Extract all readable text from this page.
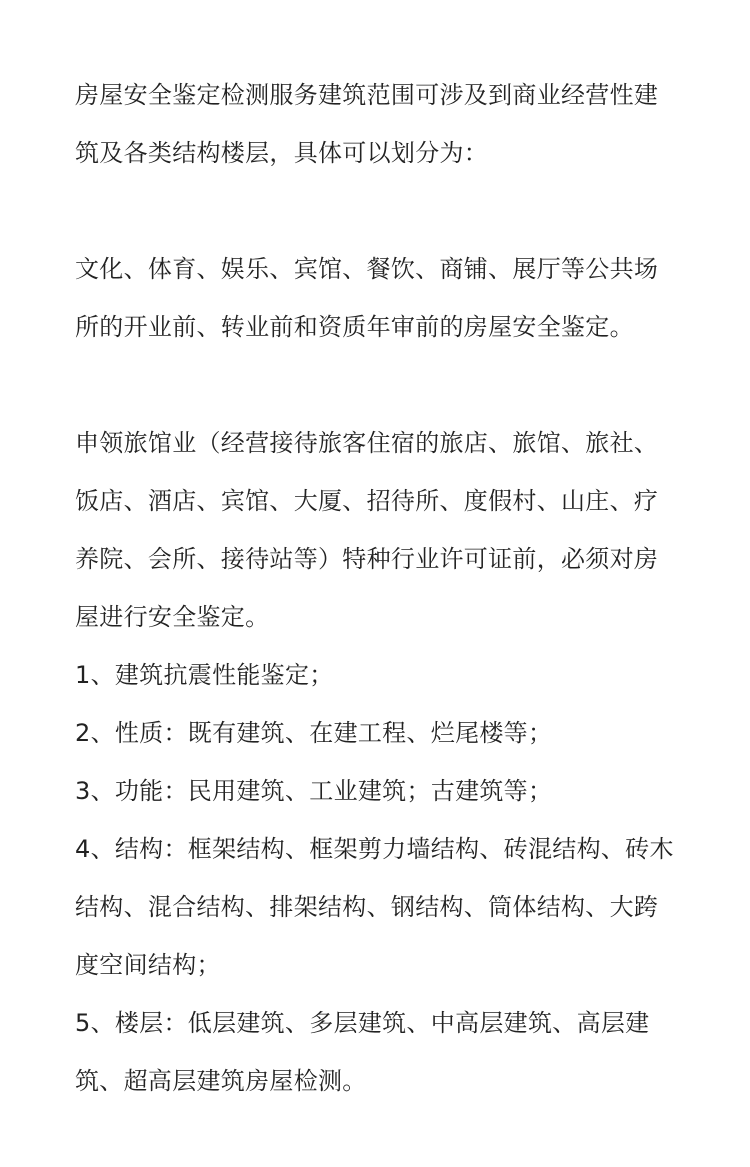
房屋安全鉴定检测服务建筑范围可涉及到商业经营性建筑及各类结构楼层，具体可以划分为：

文化、体育、娱乐、宾馆、餐饮、商铺、展厅等公共场所的开业前、转业前和资质年审前的房屋安全鉴定。

申领旅馆业（经营接待旅客住宿的旅店、旅馆、旅社、饭店、酒店、宾馆、大厦、招待所、度假村、山庄、疗养院、会所、接待站等）特种行业许可证前，必须对房屋进行安全鉴定。

1、建筑抗震性能鉴定；
2、性质：既有建筑、在建工程、烂尾楼等；
3、功能：民用建筑、工业建筑；古建筑等；
4、结构：框架结构、框架剪力墙结构、砖混结构、砖木结构、混合结构、排架结构、钢结构、筒体结构、大跨度空间结构；
5、楼层：低层建筑、多层建筑、中高层建筑、高层建筑、超高层建筑房屋检测。
